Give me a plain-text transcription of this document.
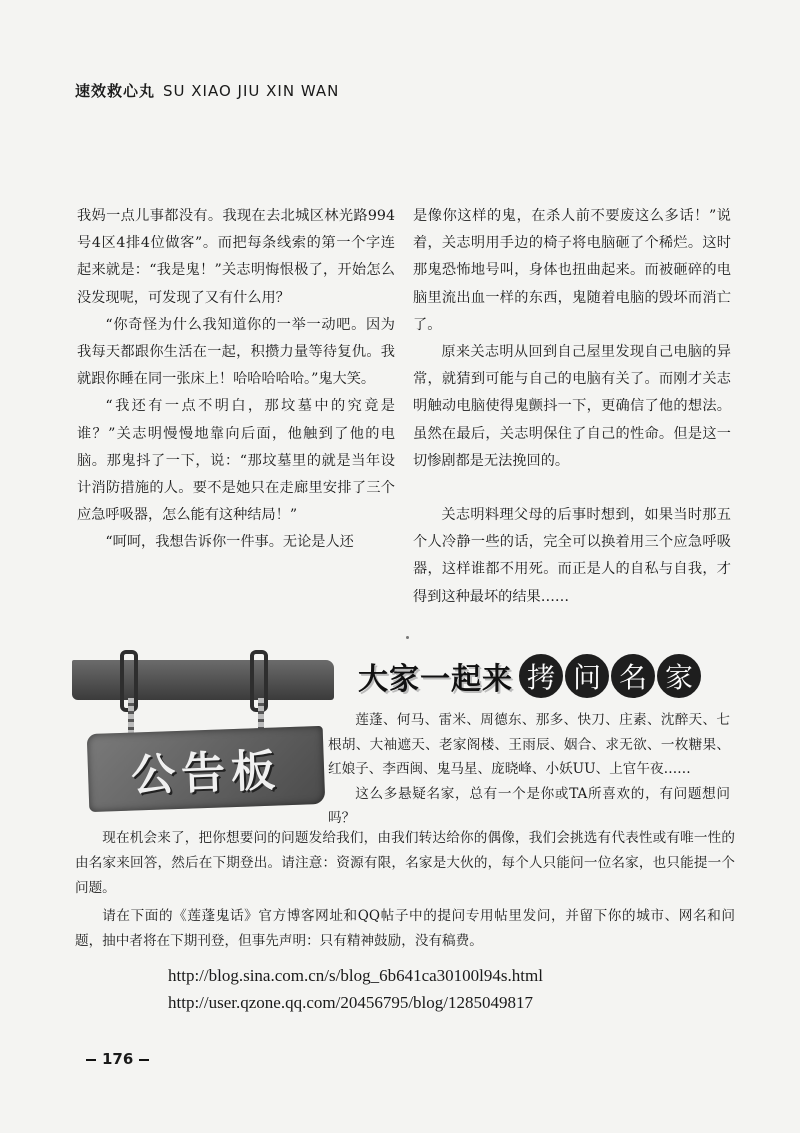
速效救心丸 SU XIAO JIU XIN WAN

我妈一点儿事都没有。我现在去北城区林光路994号4区4排4位做客”。而把每条线索的第一个字连起来就是：“我是鬼！”关志明悔恨极了，开始怎么没发现呢，可发现了又有什么用？

“你奇怪为什么我知道你的一举一动吧。因为我每天都跟你生活在一起，积攒力量等待复仇。我就跟你睡在同一张床上！哈哈哈哈哈。”鬼大笑。

“我还有一点不明白，那坟墓中的究竟是谁？”关志明慢慢地靠向后面，他触到了他的电脑。那鬼抖了一下，说：“那坟墓里的就是当年设计消防措施的人。要不是她只在走廊里安排了三个应急呼吸器，怎么能有这种结局！”

“呵呵，我想告诉你一件事。无论是人还

是像你这样的鬼，在杀人前不要废这么多话！”说着，关志明用手边的椅子将电脑砸了个稀烂。这时那鬼恐怖地号叫，身体也扭曲起来。而被砸碎的电脑里流出血一样的东西，鬼随着电脑的毁坏而消亡了。

原来关志明从回到自己屋里发现自己电脑的异常，就猜到可能与自己的电脑有关了。而刚才关志明触动电脑使得鬼颤抖一下，更确信了他的想法。虽然在最后，关志明保住了自己的性命。但是这一切惨剧都是无法挽回的。

关志明料理父母的后事时想到，如果当时那五个人冷静一些的话，完全可以换着用三个应急呼吸器，这样谁都不用死。而正是人的自私与自我，才得到这种最坏的结果……

公告板
大家一起来 拷 问 名 家

莲蓬、何马、雷米、周德东、那多、快刀、庄素、沈醉天、七根胡、大袖遮天、老家阁楼、王雨辰、姻合、求无欲、一枚糖果、红娘子、李西闽、鬼马星、庞晓峰、小妖UU、上官午夜……

这么多悬疑名家，总有一个是你或TA所喜欢的，有问题想问吗？

现在机会来了，把你想要问的问题发给我们，由我们转达给你的偶像，我们会挑选有代表性或有唯一性的由名家来回答，然后在下期登出。请注意：资源有限，名家是大伙的，每个人只能问一位名家，也只能提一个问题。

请在下面的《莲蓬鬼话》官方博客网址和QQ帖子中的提问专用帖里发问，并留下你的城市、网名和问题，抽中者将在下期刊登，但事先声明：只有精神鼓励，没有稿费。

http://blog.sina.com.cn/s/blog_6b641ca30100l94s.html
http://user.qzone.qq.com/20456795/blog/1285049817
176
